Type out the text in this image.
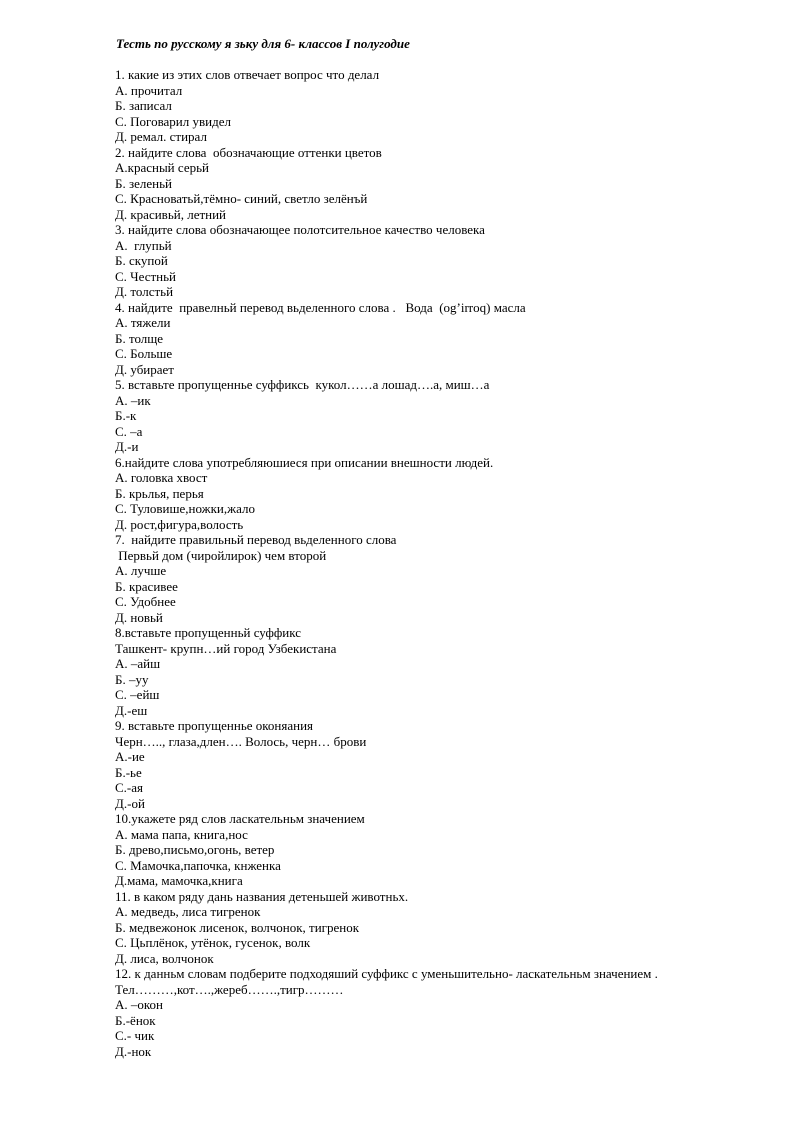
Тесть по русскому я зьку для 6- классов I полугодие
1. какие из этих слов отвечает вопрос что делал
А. прочитал
Б. записал
С. Поговарил увидел
Д. ремал. стирал
2. найдите слова  обозначающие оттенки цветов
А.красный серьй
Б. зеленьй
С. Красноватьй,тёмно- синий, светло зелёнъй
Д. красивьй, летний
3. найдите слова обозначающее полотсительное качество человека
А.  глупьй
Б. скупой
С. Честньй
Д. толстьй
4. найдите  правелньй перевод вьделенного слова .   Вода  (og’irroq) масла
А. тяжели
Б. толще
С. Больше
Д. убирает
5. вставьте пропущенньe суффиксь  кукол……а лошад….а, миш…а
А. –ик
Б.-к
С. –а
Д.-и
6.найдите слова употребляюшиеся при описании внешности людей.
А. головка хвост
Б. крьлья, перья
С. Туловише,ножки,жало
Д. рост,фигура,волость
7.  найдите правильньй перевод вьделенного слова
Первьй дом (чиройлирок) чем второй
А. лучше
Б. красивее
С. Удобнее
Д. новьй
8.вставьте пропущенньй суффикс
Ташкент- крупн…ий город Узбекистана
А. –айш
Б. –уу
С. –ейш
Д.-еш
9. вставьте пропущенньe оконяания
Черн….., глаза,длен…. Волось, черн… брови
А.-ие
Б.-ье
С.-ая
Д.-ой
10.укажете ряд слов ласкательньм значением
А. мама папа, книга,нос
Б. древо,письмо,огонь, ветер
С. Мамочка,папочка, кнженка
Д.мама, мамочка,книга
11. в каком ряду дань названия детеньшей животньх.
А. медведь, лиса тигренок
Б. медвежонок лисенок, волчонок, тигренок
С. Цьплёнок, утёнок, гусенок, волк
Д. лиса, волчонок
12. к данньм словам подберите подходяший суффикс с уменьшительно- ласкательньм значением .
Тел………,кот….,жереб…….,тигр………
А. –окон
Б.-ёнок
С.- чик
Д.-нок
